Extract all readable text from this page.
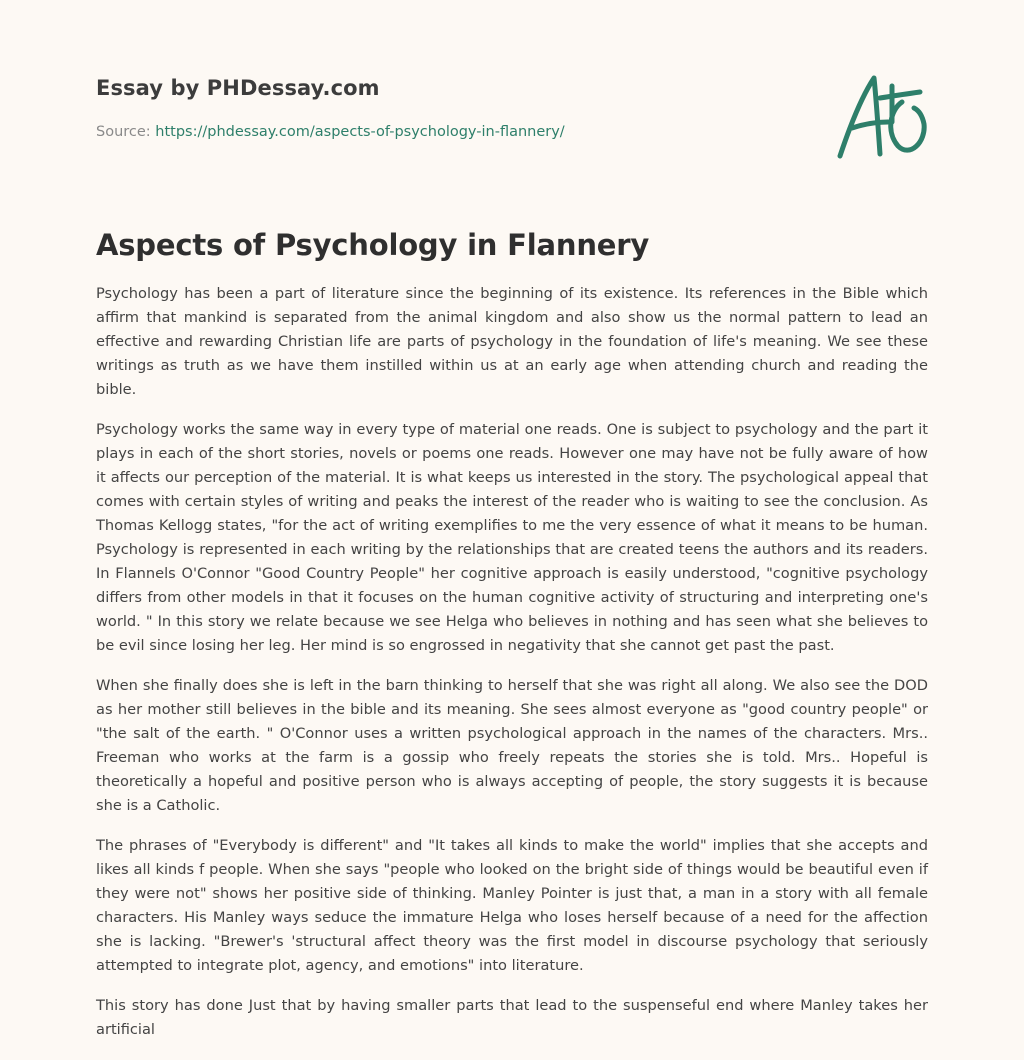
Essay by PHDessay.com
Source: https://phdessay.com/aspects-of-psychology-in-flannery/
Aspects of Psychology in Flannery

Psychology has been a part of literature since the beginning of its existence. Its references in the Bible which affirm that mankind is separated from the animal kingdom and also show us the normal pattern to lead an effective and rewarding Christian life are parts of psychology in the foundation of life's meaning. We see these writings as truth as we have them instilled within us at an early age when attending church and reading the bible.

Psychology works the same way in every type of material one reads. One is subject to psychology and the part it plays in each of the short stories, novels or poems one reads. However one may have not be fully aware of how it affects our perception of the material. It is what keeps us interested in the story. The psychological appeal that comes with certain styles of writing and peaks the interest of the reader who is waiting to see the conclusion. As Thomas Kellogg states, "for the act of writing exemplifies to me the very essence of what it means to be human. Psychology is represented in each writing by the relationships that are created teens the authors and its readers. In Flannels O'Connor "Good Country People" her cognitive approach is easily understood, "cognitive psychology differs from other models in that it focuses on the human cognitive activity of structuring and interpreting one's world. " In this story we relate because we see Helga who believes in nothing and has seen what she believes to be evil since losing her leg. Her mind is so engrossed in negativity that she cannot get past the past.

When she finally does she is left in the barn thinking to herself that she was right all along. We also see the DOD as her mother still believes in the bible and its meaning. She sees almost everyone as "good country people" or "the salt of the earth. " O'Connor uses a written psychological approach in the names of the characters. Mrs.. Freeman who works at the farm is a gossip who freely repeats the stories she is told. Mrs.. Hopeful is theoretically a hopeful and positive person who is always accepting of people, the story suggests it is because she is a Catholic.

The phrases of "Everybody is different" and "It takes all kinds to make the world" implies that she accepts and likes all kinds f people. When she says "people who looked on the bright side of things would be beautiful even if they were not" shows her positive side of thinking. Manley Pointer is just that, a man in a story with all female characters. His Manley ways seduce the immature Helga who loses herself because of a need for the affection she is lacking. "Brewer's 'structural affect theory was the first model in discourse psychology that seriously attempted to integrate plot, agency, and emotions" into literature.

This story has done Just that by having smaller parts that lead to the suspenseful end where Manley takes her artificial
